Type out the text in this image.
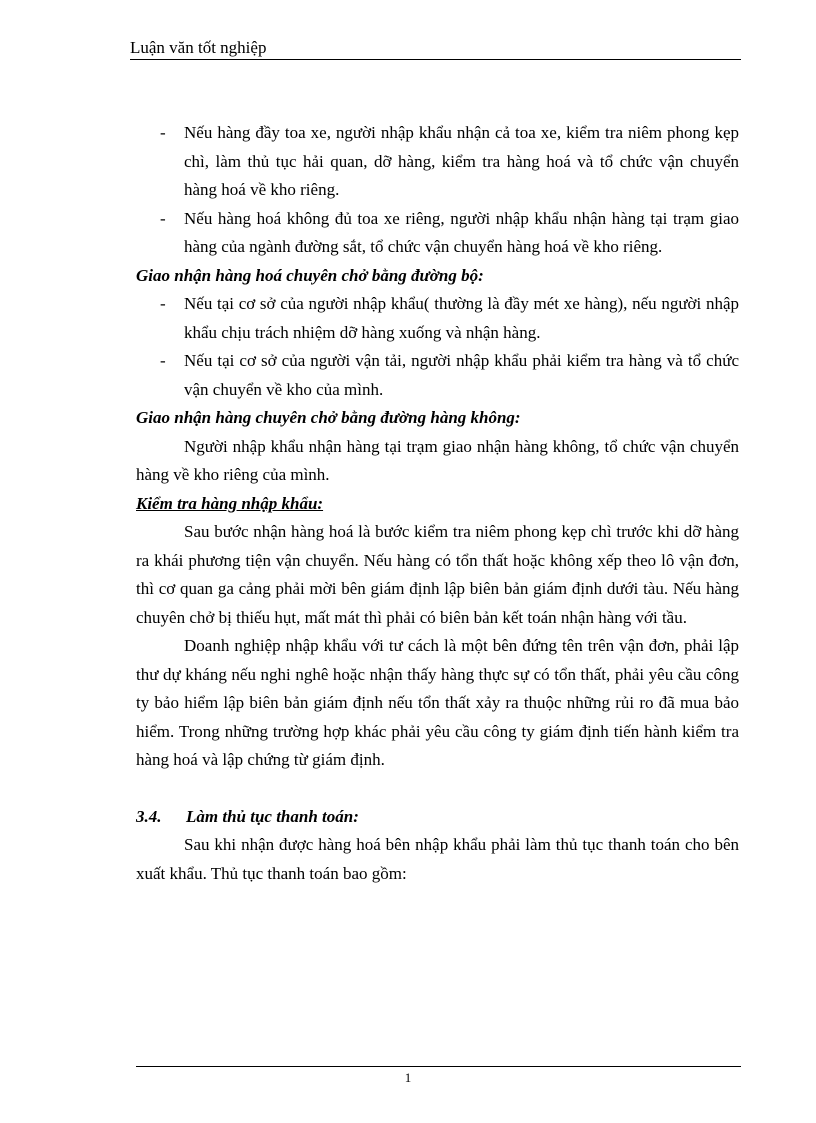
Luận văn tốt nghiệp
- Nếu hàng đầy toa xe, người nhập khẩu nhận cả toa xe, kiểm tra niêm phong kẹp chì, làm thủ tục hải quan, dỡ hàng, kiểm tra hàng hoá và tổ chức vận chuyển hàng hoá về kho riêng.
- Nếu hàng hoá không đủ toa xe riêng, người nhập khẩu nhận hàng tại trạm giao hàng của ngành đường sắt, tổ chức vận chuyển hàng hoá về kho riêng.
Giao nhận hàng hoá chuyên chở bằng đường bộ:
- Nếu tại cơ sở của người nhập khẩu( thường là đầy mét xe hàng), nếu người nhập khẩu chịu trách nhiệm dỡ hàng xuống và nhận hàng.
- Nếu tại cơ sở của người vận tải, người nhập khẩu phải kiểm tra hàng và tổ chức vận chuyển về kho của mình.
Giao nhận hàng chuyên chở bằng đường hàng không:
Người nhập khẩu nhận hàng tại trạm giao nhận hàng không, tổ chức vận chuyển hàng về kho riêng của mình.
Kiểm tra hàng nhập khẩu:
Sau bước nhận hàng hoá là bước kiểm tra niêm phong kẹp chì trước khi dỡ hàng ra khái phương tiện vận chuyển. Nếu hàng có tổn thất hoặc không xếp theo lô vận đơn, thì cơ quan ga cảng phải mời bên giám định lập biên bản giám định dưới tàu. Nếu hàng chuyên chở bị thiếu hụt, mất mát thì phải có biên bản kết toán nhận hàng với tầu.
Doanh nghiệp nhập khẩu với tư cách là một bên đứng tên trên vận đơn, phải lập thư dự kháng nếu nghi nghê hoặc nhận thấy hàng thực sự có tổn thất, phải yêu cầu công ty bảo hiểm lập biên bản giám định nếu tổn thất xảy ra thuộc những rủi ro đã mua bảo hiểm. Trong những trường hợp khác phải yêu cầu công ty giám định tiến hành kiểm tra hàng hoá và lập chứng từ giám định.
3.4. Làm thủ tục thanh toán:
Sau khi nhận được hàng hoá bên nhập khẩu phải làm thủ tục thanh toán cho bên xuất khẩu. Thủ tục thanh toán bao gồm:
1
